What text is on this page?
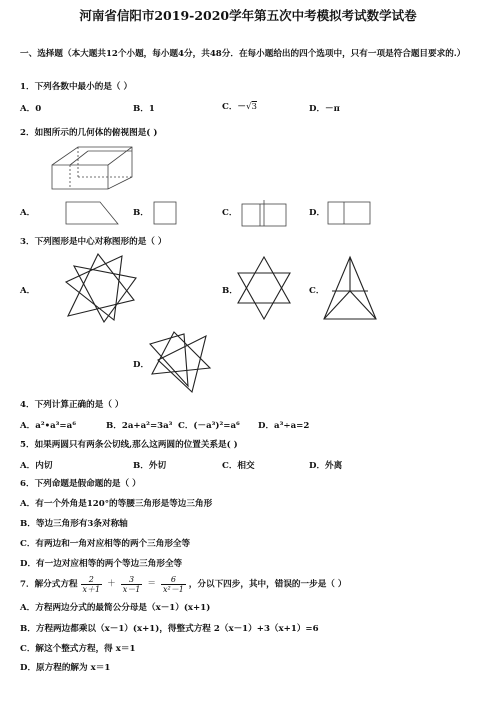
河南省信阳市2019-2020学年第五次中考模拟考试数学试卷
一、选择题（本大题共12个小题，每小题4分，共48分．在每小题给出的四个选项中，只有一项是符合题目要求的.）
1．下列各数中最小的是（ ）
A．0	B．1	C．－√3	D．－π
2．如图所示的几何体的俯视图是( )
A．	B．	C．	D．
3．下列图形是中心对称图形的是（ ）
A．	B．	C．
D．
4．下列计算正确的是（ ）
A．a²•a³=a⁶	B．2a+a²=3a³ C．(－a³)²=a⁶ D．a³÷a=2
5．如果两圆只有两条公切线,那么这两圆的位置关系是( )
A．内切	B．外切	C．相交	D．外离
6．下列命题是假命题的是（ ）
A．有一个外角是120°的等腰三角形是等边三角形
B．等边三角形有3条对称轴
C．有两边和一角对应相等的两个三角形全等
D．有一边对应相等的两个等边三角形全等
7．解分式方程 $\frac{2}{x+1} + \frac{3}{x-1} = \frac{6}{\text{x²－1}}$ ，分以下四步，其中，错误的一步是（ ）
A．方程两边分式的最简公分母是（x－1）(x+1)
B．方程两边都乘以（x－1）(x+1)，得整式方程 2（x－1）+3（x+1）=6
C．解这个整式方程，得 x＝1
D．原方程的解为 x＝1
